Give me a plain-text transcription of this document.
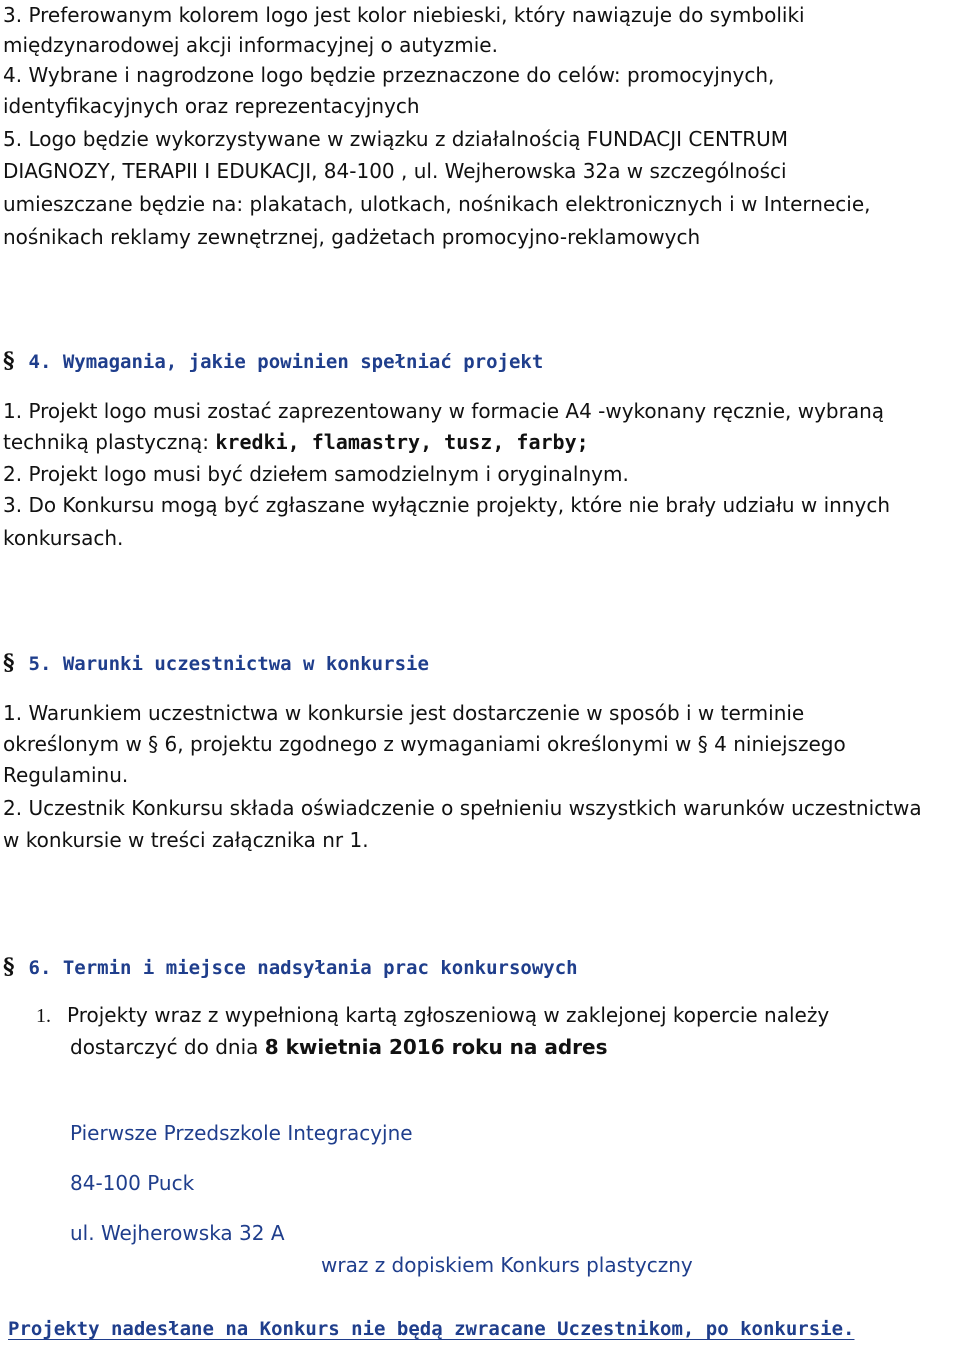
3. Preferowanym kolorem logo jest kolor niebieski, który nawiązuje do symboliki

międzynarodowej akcji informacyjnej o autyzmie.

4. Wybrane i nagrodzone logo będzie przeznaczone do celów: promocyjnych,

identyfikacyjnych oraz reprezentacyjnych

5. Logo będzie wykorzystywane w związku z działalnością FUNDACJI CENTRUM

DIAGNOZY, TERAPII I EDUKACJI, 84-100 , ul. Wejherowska 32a w szczególności

umieszczane będzie na: plakatach, ulotkach, nośnikach elektronicznych i w Internecie,

nośnikach reklamy zewnętrznej, gadżetach promocyjno-reklamowych

§ 4. Wymagania, jakie powinien spełniać projekt

1. Projekt logo musi zostać zaprezentowany w formacie A4 -wykonany ręcznie, wybraną

techniką plastyczną: kredki, flamastry, tusz, farby;

2. Projekt logo musi być dziełem samodzielnym i oryginalnym.

3. Do Konkursu mogą być zgłaszane wyłącznie projekty, które nie brały udziału w innych

konkursach.

§ 5. Warunki uczestnictwa w konkursie

1. Warunkiem uczestnictwa w konkursie jest dostarczenie w sposób i w terminie

określonym w § 6, projektu zgodnego z wymaganiami określonymi w § 4 niniejszego

Regulaminu.

2. Uczestnik Konkursu składa oświadczenie o spełnieniu wszystkich warunków uczestnictwa

w konkursie w treści załącznika nr 1.

§ 6. Termin i miejsce nadsyłania prac konkursowych

1. Projekty wraz z wypełnioną kartą zgłoszeniową w zaklejonej kopercie należy

dostarczyć do dnia 8 kwietnia 2016 roku na adres

Pierwsze Przedszkole Integracyjne

84-100 Puck

ul. Wejherowska 32 A

wraz z dopiskiem Konkurs plastyczny

Projekty nadesłane na Konkurs nie będą zwracane Uczestnikom, po konkursie.
